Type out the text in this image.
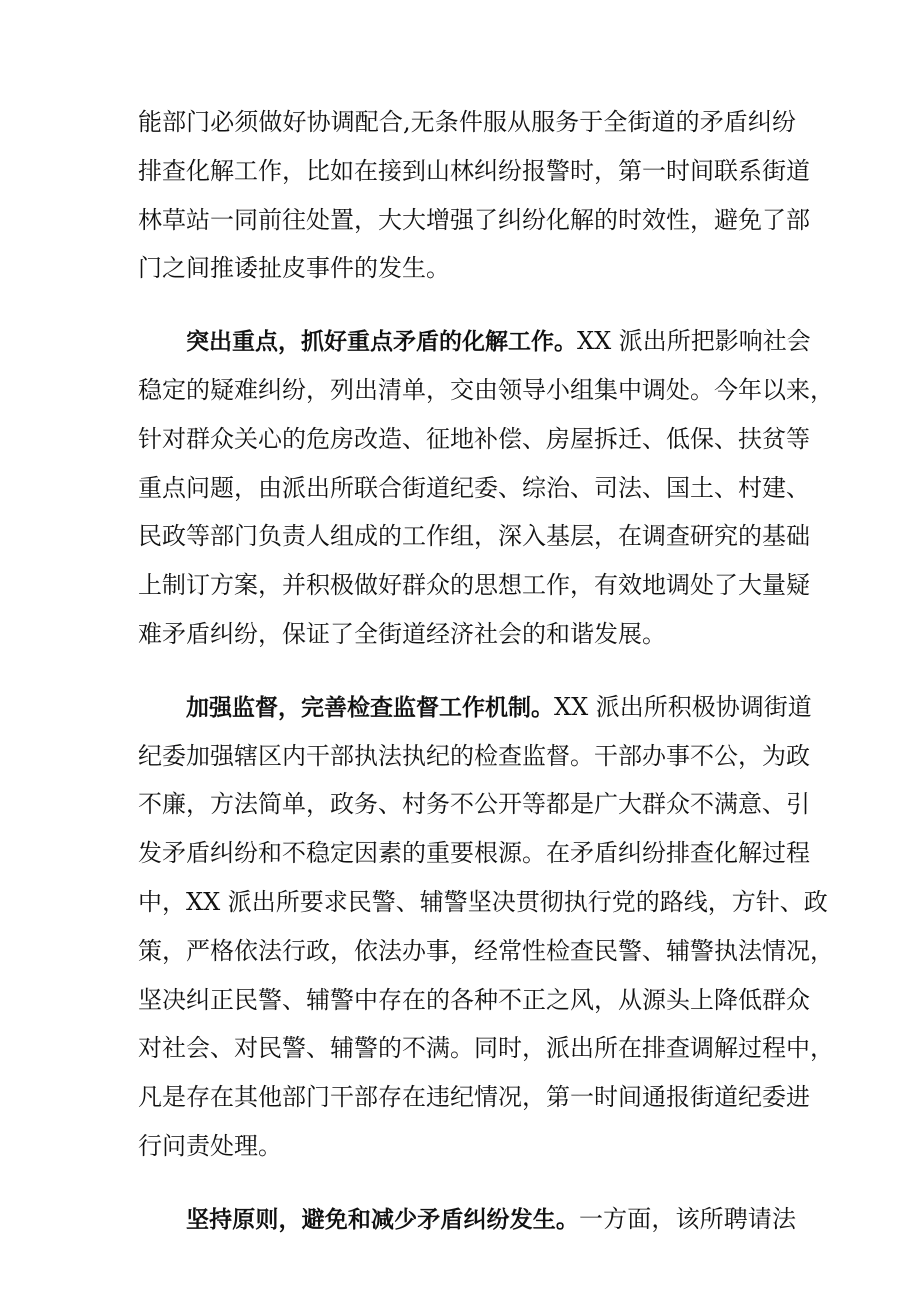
能部门必须做好协调配合,无条件服从服务于全街道的矛盾纠纷
排查化解工作，比如在接到山林纠纷报警时，第一时间联系街道
林草站一同前往处置，大大增强了纠纷化解的时效性，避免了部
门之间推诿扯皮事件的发生。
突出重点，抓好重点矛盾的化解工作。XX 派出所把影响社会
稳定的疑难纠纷，列出清单，交由领导小组集中调处。今年以来，
针对群众关心的危房改造、征地补偿、房屋拆迁、低保、扶贫等
重点问题，由派出所联合街道纪委、综治、司法、国土、村建、
民政等部门负责人组成的工作组，深入基层，在调查研究的基础
上制订方案，并积极做好群众的思想工作，有效地调处了大量疑
难矛盾纠纷，保证了全街道经济社会的和谐发展。
加强监督，完善检查监督工作机制。XX 派出所积极协调街道
纪委加强辖区内干部执法执纪的检查监督。干部办事不公，为政
不廉，方法简单，政务、村务不公开等都是广大群众不满意、引
发矛盾纠纷和不稳定因素的重要根源。在矛盾纠纷排查化解过程
中，XX 派出所要求民警、辅警坚决贯彻执行党的路线，方针、政
策，严格依法行政，依法办事，经常性检查民警、辅警执法情况，
坚决纠正民警、辅警中存在的各种不正之风，从源头上降低群众
对社会、对民警、辅警的不满。同时，派出所在排查调解过程中，
凡是存在其他部门干部存在违纪情况，第一时间通报街道纪委进
行问责处理。
坚持原则，避免和减少矛盾纠纷发生。一方面，该所聘请法
